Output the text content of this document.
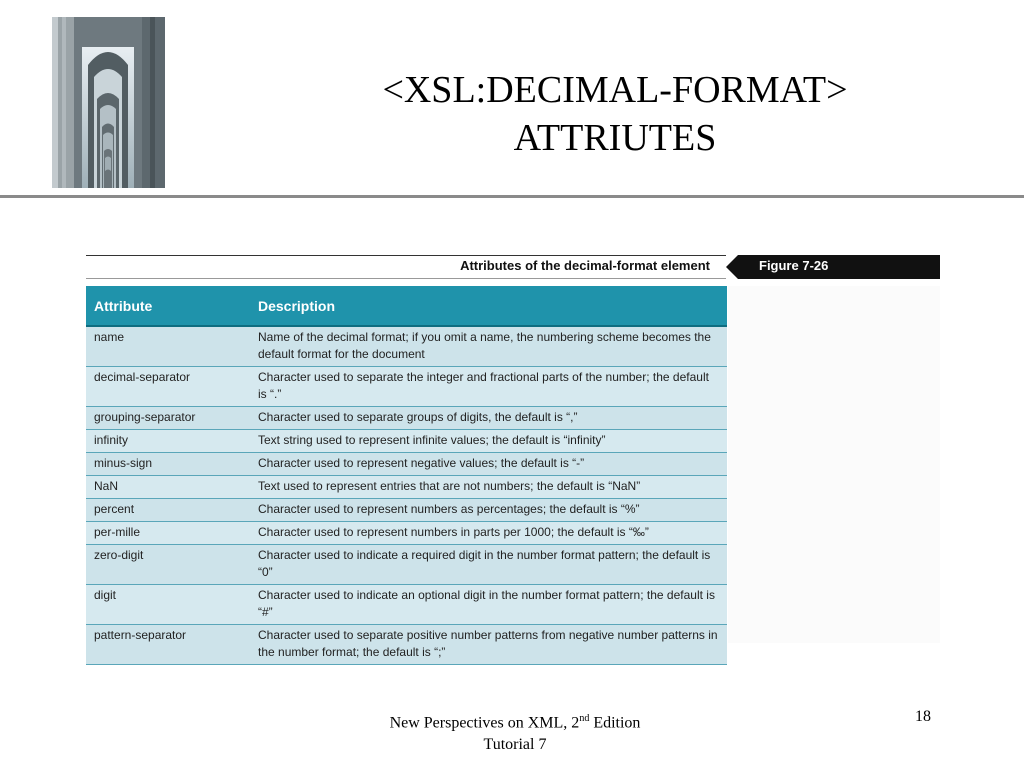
<XSL:DECIMAL-FORMAT>
ATTRIUTES
Attributes of the decimal-format element	Figure 7-26
Attribute	Description
name	Name of the decimal format; if you omit a name, the numbering scheme becomes the default format for the document
decimal-separator	Character used to separate the integer and fractional parts of the number; the default is “.”
grouping-separator	Character used to separate groups of digits, the default is “,”
infinity	Text string used to represent infinite values; the default is “infinity”
minus-sign	Character used to represent negative values; the default is “-”
NaN	Text used to represent entries that are not numbers; the default is “NaN”
percent	Character used to represent numbers as percentages; the default is “%”
per-mille	Character used to represent numbers in parts per 1000; the default is “‰”
zero-digit	Character used to indicate a required digit in the number format pattern; the default is “0”
digit	Character used to indicate an optional digit in the number format pattern; the default is “#”
pattern-separator	Character used to separate positive number patterns from negative number patterns in the number format; the default is “;”
New Perspectives on XML, 2nd Edition
Tutorial 7
18
